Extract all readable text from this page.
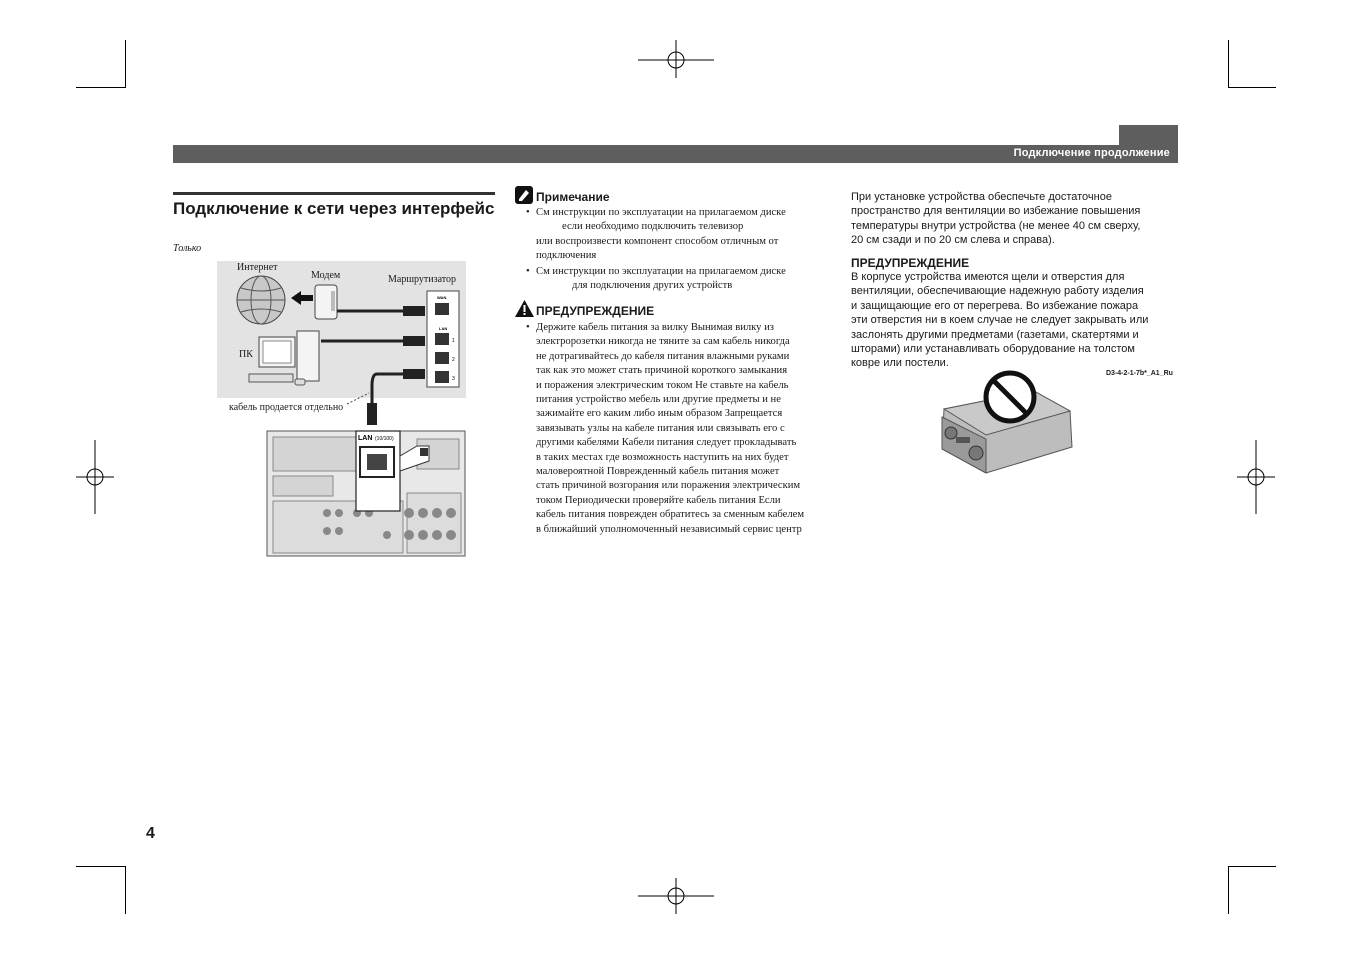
Подключение продолжение
Подключение к сети через интерфейс
Только
Интернет
Модем	Маршрутизатор
ПК
кабель продается отдельно
WAN
LAN
1
2
3
LAN (10/100)
Примечание
• См инструкции по эксплуатации на прилагаемом диске
если необходимо подключить телевизор
или воспроизвести компонент способом отличным от
подключения
• См инструкции по эксплуатации на прилагаемом диске
для подключения других устройств
ПРЕДУПРЕЖДЕНИЕ
• Держите кабель питания за вилку Вынимая вилку из
электророзетки никогда не тяните за сам кабель никогда
не дотрагивайтесь до кабеля питания влажными руками
так как это может стать причиной короткого замыкания
и поражения электрическим током Не ставьте на кабель
питания устройство мебель или другие предметы и не
зажимайте его каким либо иным образом Запрещается
завязывать узлы на кабеле питания или связывать его с
другими кабелями Кабели питания следует прокладывать
в таких местах где возможность наступить на них будет
маловероятной Поврежденный кабель питания может
стать причиной возгорания или поражения электрическим
током Периодически проверяйте кабель питания Если
кабель питания поврежден обратитесь за сменным кабелем
в ближайший уполномоченный независимый сервис центр
При установке устройства обеспечьте достаточное
пространство для вентиляции во избежание повышения
температуры внутри устройства (не менее 40 см сверху,
20 см сзади и по 20 см слева и справа).
ПРЕДУПРЕЖДЕНИЕ
В корпусе устройства имеются щели и отверстия для
вентиляции, обеспечивающие надежную работу изделия
и защищающие его от перегрева. Во избежание пожара
эти отверстия ни в коем случае не следует закрывать или
заслонять другими предметами (газетами, скатертями и
шторами) или устанавливать оборудование на толстом
ковре или постели.
D3-4-2-1-7b*_A1_Ru
4
